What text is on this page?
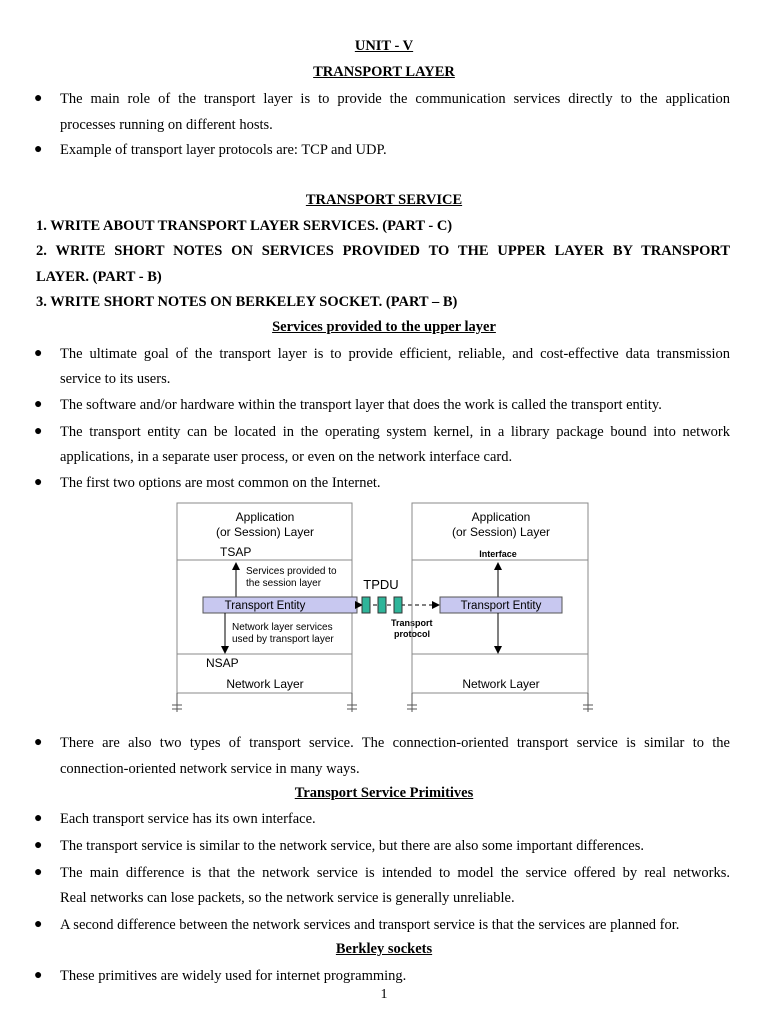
UNIT - V
TRANSPORT LAYER
● The main role of the transport layer is to provide the communication services directly to the application
processes running on different hosts.
● Example of transport layer protocols are: TCP and UDP.
TRANSPORT SERVICE
1. WRITE ABOUT TRANSPORT LAYER SERVICES. (PART - C)
2. WRITE SHORT NOTES ON SERVICES PROVIDED TO THE UPPER LAYER BY TRANSPORT
LAYER. (PART - B)
3. WRITE SHORT NOTES ON BERKELEY SOCKET. (PART – B)
Services provided to the upper layer
● The ultimate goal of the transport layer is to provide efficient, reliable, and cost-effective data transmission
service to its users.
● The software and/or hardware within the transport layer that does the work is called the transport entity.
● The transport entity can be located in the operating system kernel, in a library package bound into network
applications, in a separate user process, or even on the network interface card.
● The first two options are most common on the Internet.
Application
(or Session) Layer
TSAP
Services provided to
the session layer
Transport Entity
Network layer services
used by transport layer
NSAP
Network Layer
TPDU
Transport
protocol
Application
(or Session) Layer
Interface
Transport Entity
Network Layer
● There are also two types of transport service. The connection-oriented transport service is similar to the
connection-oriented network service in many ways.
Transport Service Primitives
● Each transport service has its own interface.
● The transport service is similar to the network service, but there are also some important differences.
● The main difference is that the network service is intended to model the service offered by real networks.
Real networks can lose packets, so the network service is generally unreliable.
● A second difference between the network services and transport service is that the services are planned for.
Berkley sockets
● These primitives are widely used for internet programming.
1
